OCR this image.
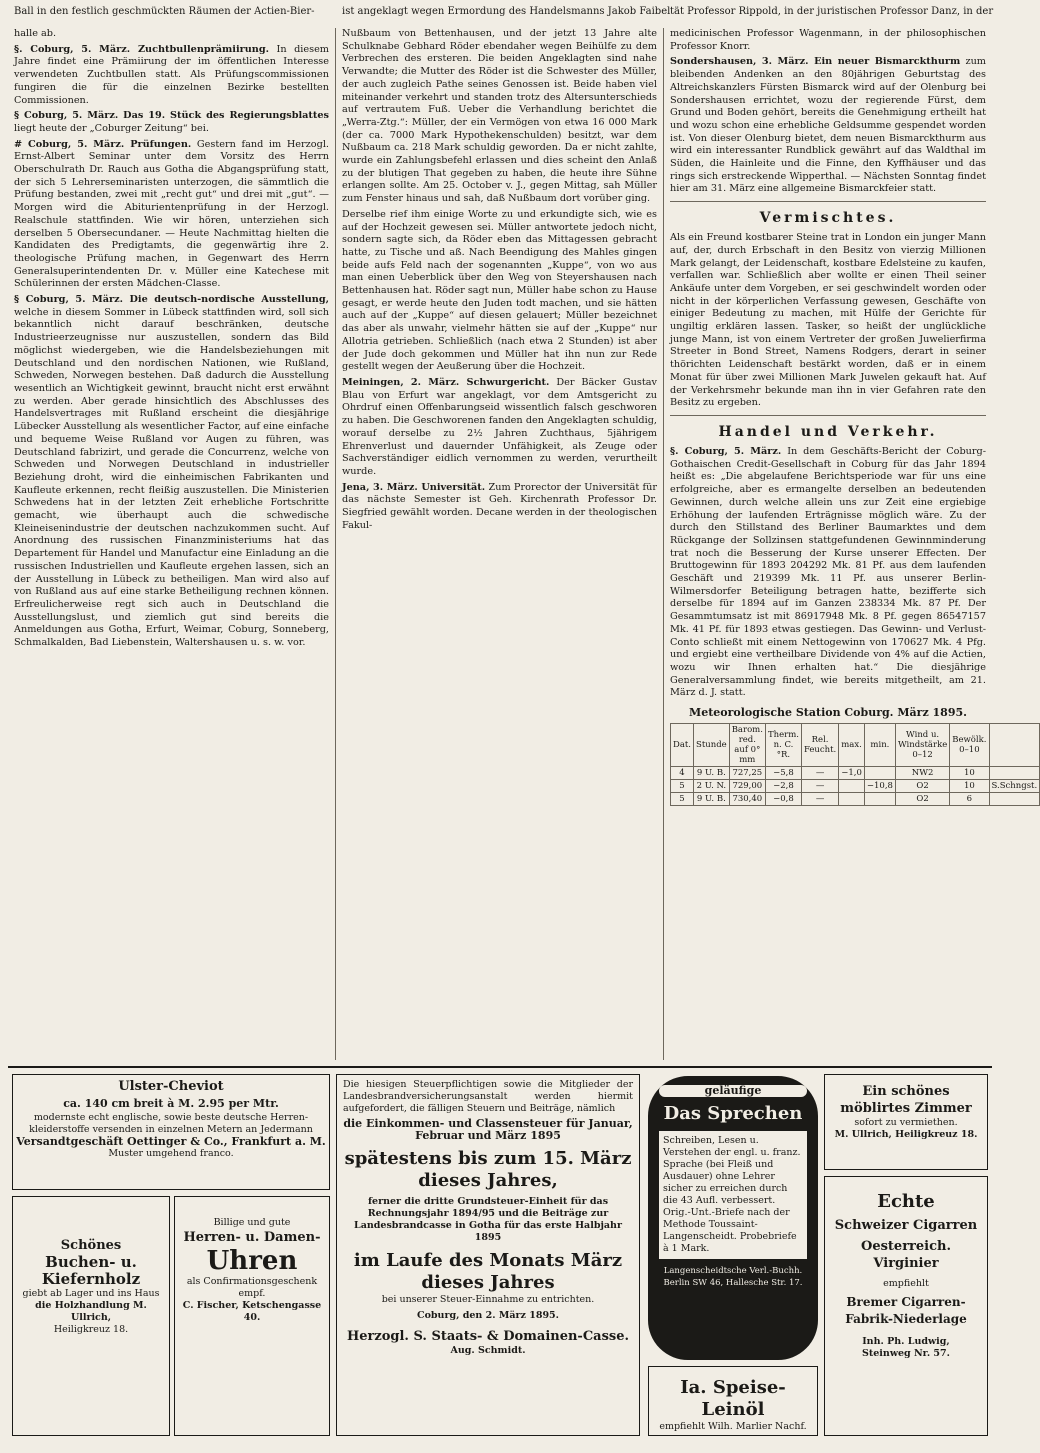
Ball in den festlich geschmückten Räumen der Actien-Bier-	ist angeklagt wegen Ermordung des Handelsmanns Jakob Faibel tät Professor Rippold, in der juristischen Professor Danz, in der

halle ab.

§. Coburg, 5. März. Zuchtbullenprämiirung. In diesem Jahre findet eine Prämiirung der im öffentlichen Interesse verwendeten Zuchtbullen statt. Als Prüfungscommissionen fungiren die für die einzelnen Bezirke bestellten Commissionen.

§ Coburg, 5. März. Das 19. Stück des Regierungsblattes liegt heute der „Coburger Zeitung“ bei.

# Coburg, 5. März. Prüfungen. Gestern fand im Herzogl. Ernst-Albert Seminar unter dem Vorsitz des Herrn Oberschulrath Dr. Rauch aus Gotha die Abgangsprüfung statt, der sich 5 Lehrerseminaristen unterzogen, die sämmtlich die Prüfung bestanden, zwei mit „recht gut“ und drei mit „gut“. — Morgen wird die Abiturientenprüfung in der Herzogl. Realschule stattfinden. Wie wir hören, unterziehen sich derselben 5 Obersecundaner. — Heute Nachmittag hielten die Kandidaten des Predigtamts, die gegenwärtig ihre 2. theologische Prüfung machen, in Gegenwart des Herrn Generalsuperintendenten Dr. v. Müller eine Katechese mit Schülerinnen der ersten Mädchen-Classe.

§ Coburg, 5. März. Die deutsch-nordische Ausstellung, welche in diesem Sommer in Lübeck stattfinden wird, soll sich bekanntlich nicht darauf beschränken, deutsche Industrieerzeugnisse nur auszustellen, sondern das Bild möglichst wiedergeben, wie die Handelsbeziehungen mit Deutschland und den nordischen Nationen, wie Rußland, Schweden, Norwegen bestehen. Daß dadurch die Ausstellung wesentlich an Wichtigkeit gewinnt, braucht nicht erst erwähnt zu werden. Aber gerade hinsichtlich des Abschlusses des Handelsvertrages mit Rußland erscheint die diesjährige Lübecker Ausstellung als wesentlicher Factor, auf eine einfache und bequeme Weise Rußland vor Augen zu führen, was Deutschland fabrizirt, und gerade die Concurrenz, welche von Schweden und Norwegen Deutschland in industrieller Beziehung droht, wird die einheimischen Fabrikanten und Kaufleute erkennen, recht fleißig auszustellen. Die Ministerien Schwedens hat in der letzten Zeit erhebliche Fortschritte gemacht, wie überhaupt auch die schwedische Kleineisenindustrie der deutschen nachzukommen sucht. Auf Anordnung des russischen Finanzministeriums hat das Departement für Handel und Manufactur eine Einladung an die russischen Industriellen und Kaufleute ergehen lassen, sich an der Ausstellung in Lübeck zu betheiligen. Man wird also auf von Rußland aus auf eine starke Betheiligung rechnen können. Erfreulicherweise regt sich auch in Deutschland die Ausstellungslust, und ziemlich gut sind bereits die Anmeldungen aus Gotha, Erfurt, Weimar, Coburg, Sonneberg, Schmalkalden, Bad Liebenstein, Waltershausen u. s. w. vor.

Nußbaum von Bettenhausen, und der jetzt 13 Jahre alte Schulknabe Gebhard Röder ebendaher wegen Beihülfe zu dem Verbrechen des ersteren. Die beiden Angeklagten sind nahe Verwandte; die Mutter des Röder ist die Schwester des Müller, der auch zugleich Pathe seines Genossen ist. Beide haben viel miteinander verkehrt und standen trotz des Altersunterschieds auf vertrautem Fuß. Ueber die Verhandlung berichtet die „Werra-Ztg.“: Müller, der ein Vermögen von etwa 16 000 Mark (der ca. 7000 Mark Hypothekenschulden) besitzt, war dem Nußbaum ca. 218 Mark schuldig geworden. Da er nicht zahlte, wurde ein Zahlungsbefehl erlassen und dies scheint den Anlaß zu der blutigen That gegeben zu haben, die heute ihre Sühne erlangen sollte. Am 25. October v. J., gegen Mittag, sah Müller zum Fenster hinaus und sah, daß Nußbaum dort vorüber ging.

Derselbe rief ihm einige Worte zu und erkundigte sich, wie es auf der Hochzeit gewesen sei. Müller antwortete jedoch nicht, sondern sagte sich, da Röder eben das Mittagessen gebracht hatte, zu Tische und aß. Nach Beendigung des Mahles gingen beide aufs Feld nach der sogenannten „Kuppe“, von wo aus man einen Ueberblick über den Weg von Steyershausen nach Bettenhausen hat. Röder sagt nun, Müller habe schon zu Hause gesagt, er werde heute den Juden todt machen, und sie hätten auch auf der „Kuppe“ auf diesen gelauert; Müller bezeichnet das aber als unwahr, vielmehr hätten sie auf der „Kuppe“ nur Allotria getrieben. Schließlich (nach etwa 2 Stunden) ist aber der Jude doch gekommen und Müller hat ihn nun zur Rede gestellt wegen der Aeußerung über die Hochzeit.

Meiningen, 2. März. Schwurgericht. Der Bäcker Gustav Blau von Erfurt war angeklagt, vor dem Amtsgericht zu Ohrdruf einen Offenbarungseid wissentlich falsch geschworen zu haben. Die Geschworenen fanden den Angeklagten schuldig, worauf derselbe zu 2½ Jahren Zuchthaus, 5jährigem Ehrenverlust und dauernder Unfähigkeit, als Zeuge oder Sachverständiger eidlich vernommen zu werden, verurtheilt wurde.

Jena, 3. März. Universität. Zum Prorector der Universität für das nächste Semester ist Geh. Kirchenrath Professor Dr. Siegfried gewählt worden. Decane werden in der theologischen Fakul-

medicinischen Professor Wagenmann, in der philosophischen Professor Knorr.

Sondershausen, 3. März. Ein neuer Bismarckthurm zum bleibenden Andenken an den 80jährigen Geburtstag des Altreichskanzlers Fürsten Bismarck wird auf der Olenburg bei Sondershausen errichtet, wozu der regierende Fürst, dem Grund und Boden gehört, bereits die Genehmigung ertheilt hat und wozu schon eine erhebliche Geldsumme gespendet worden ist. Von dieser Olenburg bietet, dem neuen Bismarckthurm aus wird ein interessanter Rundblick gewährt auf das Waldthal im Süden, die Hainleite und die Finne, den Kyffhäuser und das rings sich erstreckende Wipperthal. — Nächsten Sonntag findet hier am 31. März eine allgemeine Bismarckfeier statt.

Vermischtes.

Als ein Freund kostbarer Steine trat in London ein junger Mann auf, der, durch Erbschaft in den Besitz von vierzig Millionen Mark gelangt, der Leidenschaft, kostbare Edelsteine zu kaufen, verfallen war. Schließlich aber wollte er einen Theil seiner Ankäufe unter dem Vorgeben, er sei geschwindelt worden oder nicht in der körperlichen Verfassung gewesen, Geschäfte von einiger Bedeutung zu machen, mit Hülfe der Gerichte für ungiltig erklären lassen. Tasker, so heißt der unglückliche junge Mann, ist von einem Vertreter der großen Juwelierfirma Streeter in Bond Street, Namens Rodgers, derart in seiner thörichten Leidenschaft bestärkt worden, daß er in einem Monat für über zwei Millionen Mark Juwelen gekauft hat. Auf der Verkehrsmehr bekunde man ihn in vier Gefahren rate den Besitz zu ergeben.

Handel und Verkehr.

§. Coburg, 5. März. In dem Geschäfts-Bericht der Coburg-Gothaischen Credit-Gesellschaft in Coburg für das Jahr 1894 heißt es: „Die abgelaufene Berichtsperiode war für uns eine erfolgreiche, aber es ermangelte derselben an bedeutenden Gewinnen, durch welche allein uns zur Zeit eine ergiebige Erhöhung der laufenden Erträgnisse möglich wäre. Zu der durch den Stillstand des Berliner Baumarktes und dem Rückgange der Sollzinsen stattgefundenen Gewinnminderung trat noch die Besserung der Kurse unserer Effecten. Der Bruttogewinn für 1893 204292 Mk. 81 Pf. aus dem laufenden Geschäft und 219399 Mk. 11 Pf. aus unserer Berlin-Wilmersdorfer Beteiligung betragen hatte, bezifferte sich derselbe für 1894 auf im Ganzen 238334 Mk. 87 Pf. Der Gesammtumsatz ist mit 86917948 Mk. 8 Pf. gegen 86547157 Mk. 41 Pf. für 1893 etwas gestiegen. Das Gewinn- und Verlust-Conto schließt mit einem Nettogewinn von 170627 Mk. 4 Pfg. und ergiebt eine vertheilbare Dividende von 4% auf die Actien, wozu wir Ihnen erhalten hat.“ Die diesjährige Generalversammlung findet, wie bereits mitgetheilt, am 21. März d. J. statt.

Meteorologische Station Coburg. März 1895.
Dat.	Stunde	Barom. red. auf 0° mm	Therm. n. C. °R.	Rel. Feucht.	max.	min.	Wind u. Windstärke 0–12	Bewölk. 0–10	
4	9 U. B.	727,25	−5,8	—	−1,0		NW2	10	
5	2 U. N.	729,00	−2,8	—		−10,8	O2	10	S.Schngst.
5	9 U. B.	730,40	−0,8	—			O2	6	
Ulster-Cheviot
ca. 140 cm breit à M. 2.95 per Mtr.
modernste echt englische, sowie beste deutsche Herren-kleiderstoffe versenden in einzelnen Metern an Jedermann
Versandtgeschäft Oettinger & Co., Frankfurt a. M.
Muster umgehend franco.
Schönes
Buchen- u. Kiefernholz
giebt ab Lager und ins Haus
die Holzhandlung M. Ullrich,
Heiligkreuz 18.
Billige und gute
Herren- u. Damen-
Uhren
als Confirmationsgeschenk empf.
C. Fischer, Ketschengasse 40.
Die hiesigen Steuerpflichtigen sowie die Mitglieder der Landesbrandversicherungsanstalt werden hiermit aufgefordert, die fälligen Steuern und Beiträge, nämlich
die Einkommen- und Classensteuer für Januar, Februar und März 1895
spätestens bis zum 15. März dieses Jahres,
ferner die dritte Grundsteuer-Einheit für das Rechnungsjahr 1894/95 und die Beiträge zur Landesbrandcasse in Gotha für das erste Halbjahr 1895
im Laufe des Monats März dieses Jahres
bei unserer Steuer-Einnahme zu entrichten.
Coburg, den 2. März 1895.
Herzogl. S. Staats- & Domainen-Casse.
Aug. Schmidt.
geläufige
Das Sprechen
Schreiben, Lesen u. Verstehen der engl. u. franz. Sprache (bei Fleiß und Ausdauer) ohne Lehrer sicher zu erreichen durch die 43 Aufl. verbessert. Orig.-Unt.-Briefe nach der Methode Toussaint-Langenscheidt. Probebriefe à 1 Mark.
Langenscheidtsche Verl.-Buchh. Berlin SW 46, Hallesche Str. 17.
Ia. Speise-Leinöl
empfiehlt Wilh. Marlier Nachf.
Ein schönes möblirtes Zimmer
sofort zu vermiethen.
M. Ullrich, Heiligkreuz 18.
Echte
Schweizer Cigarren
Oesterreich. Virginier
empfiehlt
Bremer Cigarren-Fabrik-Niederlage
Inh. Ph. Ludwig,
Steinweg Nr. 57.
